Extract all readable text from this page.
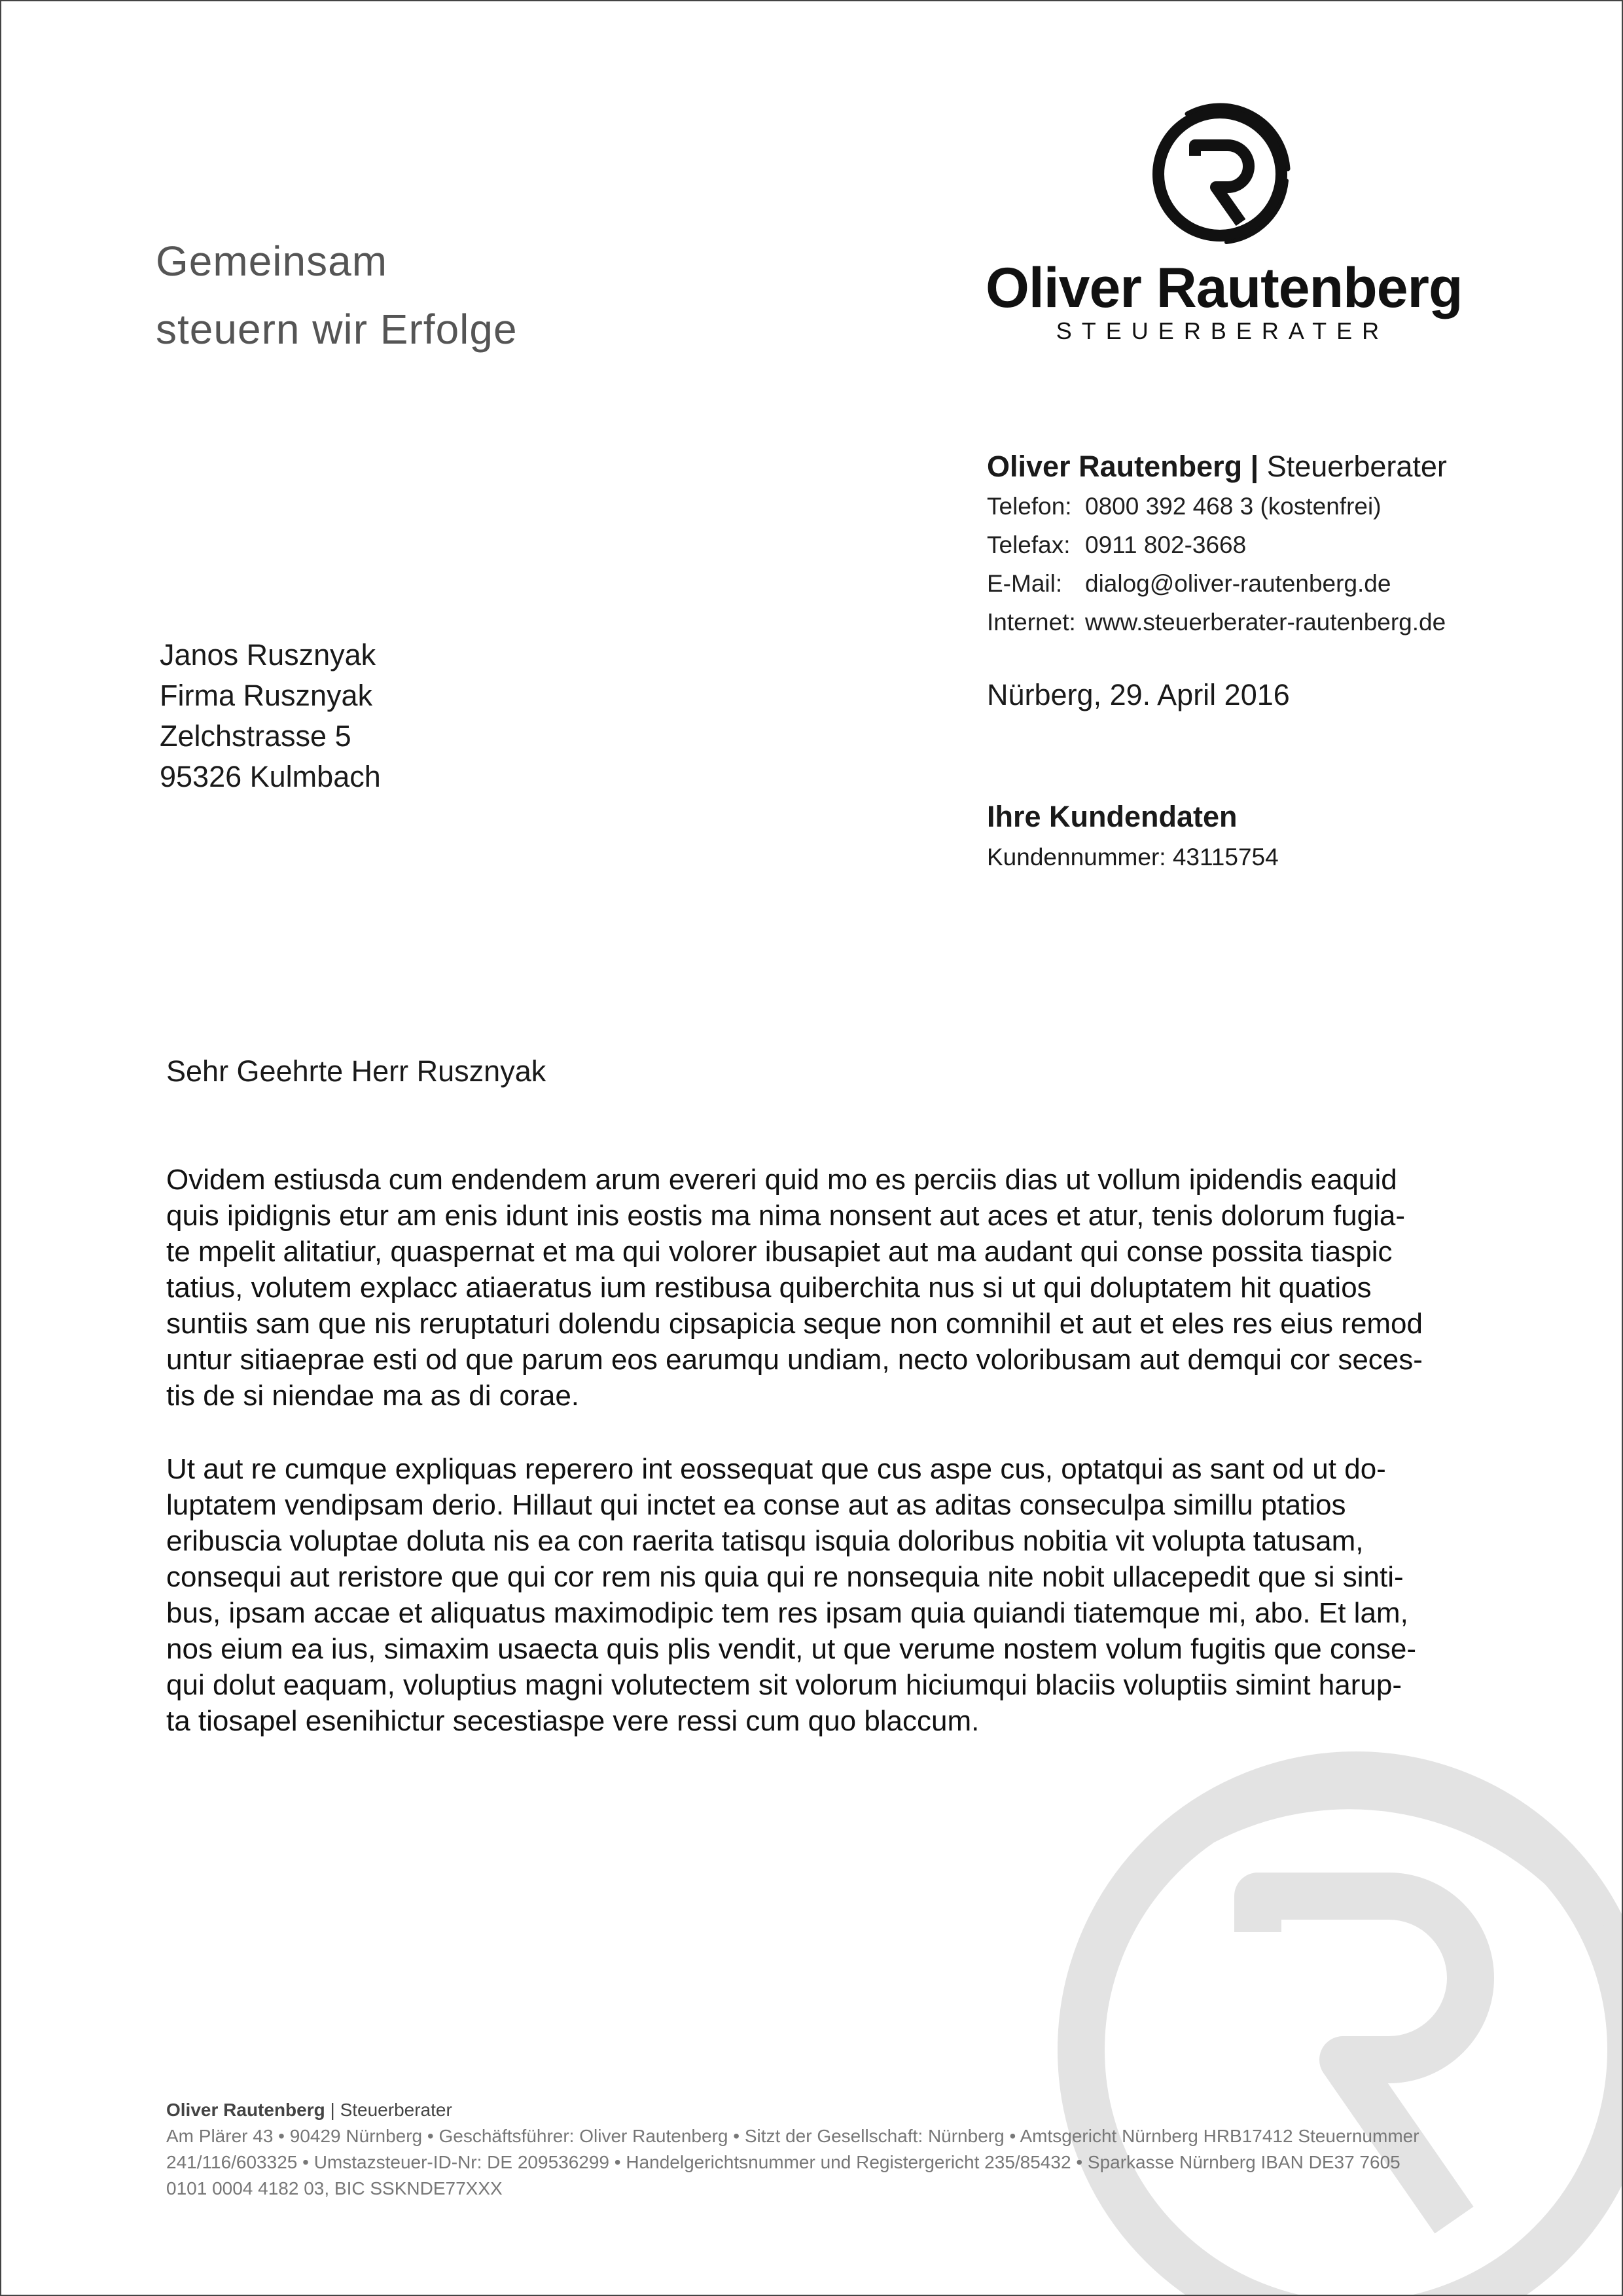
Gemeinsam
steuern wir Erfolge
Oliver Rautenberg
STEUERBERATER
Oliver Rautenberg | Steuerberater
Telefon: 0800 392 468 3 (kostenfrei)
Telefax: 0911 802-3668
E-Mail: dialog@oliver-rautenberg.de
Internet: www.steuerberater-rautenberg.de
Nürberg, 29. April 2016
Ihre Kundendaten
Kundennummer: 43115754
Janos Rusznyak
Firma Rusznyak
Zelchstrasse 5
95326 Kulmbach
Sehr Geehrte Herr Rusznyak
Ovidem estiusda cum endendem arum evereri quid mo es perciis dias ut vollum ipidendis eaquid
quis ipidignis etur am enis idunt inis eostis ma nima nonsent aut aces et atur, tenis dolorum fugia-
te mpelit alitatiur, quaspernat et ma qui volorer ibusapiet aut ma audant qui conse possita tiaspic
tatius, volutem explacc atiaeratus ium restibusa quiberchita nus si ut qui doluptatem hit quatios
suntiis sam que nis reruptaturi dolendu cipsapicia seque non comnihil et aut et eles res eius remod
untur sitiaeprae esti od que parum eos earumqu undiam, necto voloribusam aut demqui cor seces-
tis de si niendae ma as di corae.
Ut aut re cumque expliquas reperero int eossequat que cus aspe cus, optatqui as sant od ut do-
luptatem vendipsam derio. Hillaut qui inctet ea conse aut as aditas conseculpa simillu ptatios
eribuscia voluptae doluta nis ea con raerita tatisqu isquia doloribus nobitia vit volupta tatusam,
consequi aut reristore que qui cor rem nis quia qui re nonsequia nite nobit ullacepedit que si sinti-
bus, ipsam accae et aliquatus maximodipic tem res ipsam quia quiandi tiatemque mi, abo. Et lam,
nos eium ea ius, simaxim usaecta quis plis vendit, ut que verume nostem volum fugitis que conse-
qui dolut eaquam, voluptius magni volutectem sit volorum hiciumqui blaciis voluptiis simint harup-
ta tiosapel esenihictur secestiaspe vere ressi cum quo blaccum.
Oliver Rautenberg | Steuerberater
Am Plärer 43 • 90429 Nürnberg • Geschäftsführer: Oliver Rautenberg • Sitzt der Gesellschaft: Nürnberg • Amtsgericht Nürnberg HRB17412 Steuernummer
241/116/603325 • Umstazsteuer-ID-Nr: DE 209536299 • Handelgerichtsnummer und Registergericht 235/85432 • Sparkasse Nürnberg IBAN DE37 7605
0101 0004 4182 03, BIC SSKNDE77XXX
